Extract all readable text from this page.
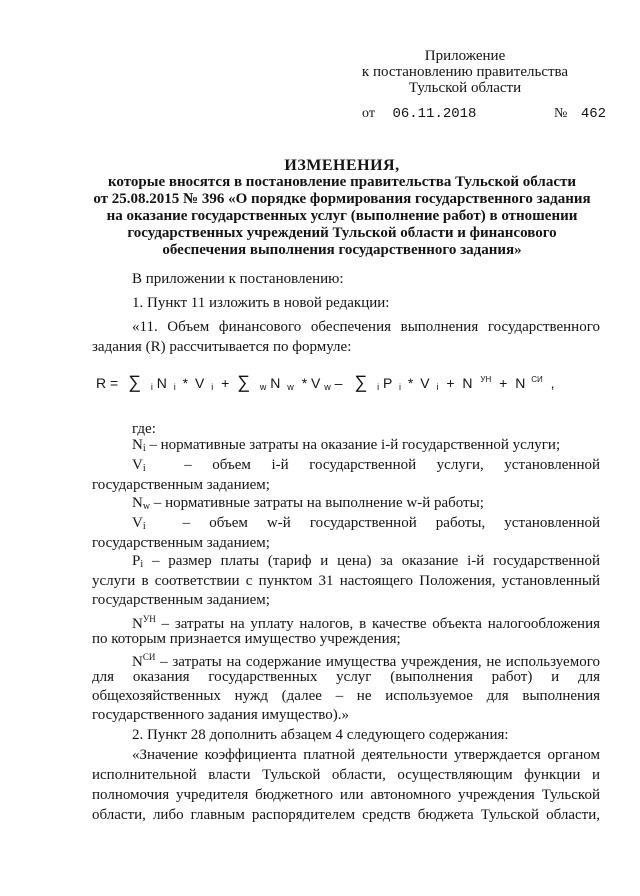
Приложение
к постановлению правительства
Тульской области
от 06.11.2018	№ 462
ИЗМЕНЕНИЯ,
которые вносятся в постановление правительства Тульской области
от 25.08.2015 № 396 «О порядке формирования государственного задания
на оказание государственных услуг (выполнение работ) в отношении
государственных учреждений Тульской области и финансового
обеспечения выполнения государственного задания»
В приложении к постановлению:
1. Пункт 11 изложить в новой редакции:
«11. Объем финансового обеспечения выполнения государственного
задания (R) рассчитывается по формуле:
R = ∑ $_i$ N $_i$ * V $_i$ + ∑ $_w$ N $_w$ * V $_w$ – ∑ $_i$ P $_i$ * V $_i$ + N $^{УН}$ + N $^{СИ}$ ,
где:
$N_i$ – нормативные затраты на оказание i-й государственной услуги;
$V_i$	– объем i-й государственной услуги, установленной
государственным заданием;
$N_w$ – нормативные затраты на выполнение w-й работы;
$V_i$ – объем w-й государственной работы, установленной
государственным заданием;
$P_i$ – размер платы (тариф и цена) за оказание i-й государственной
услуги в соответствии с пунктом 31 настоящего Положения, установленный
государственным заданием;
$N^{УН}$ – затраты на уплату налогов, в качестве объекта налогообложения
по которым признается имущество учреждения;
$N^{СИ}$ – затраты на содержание имущества учреждения, не используемого
для оказания государственных услуг (выполнения работ) и для
общехозяйственных нужд (далее – не используемое для выполнения
государственного задания имущество).»
2. Пункт 28 дополнить абзацем 4 следующего содержания:
«Значение коэффициента платной деятельности утверждается органом
исполнительной власти Тульской области, осуществляющим функции и
полномочия учредителя бюджетного или автономного учреждения Тульской
области, либо главным распорядителем средств бюджета Тульской области,
